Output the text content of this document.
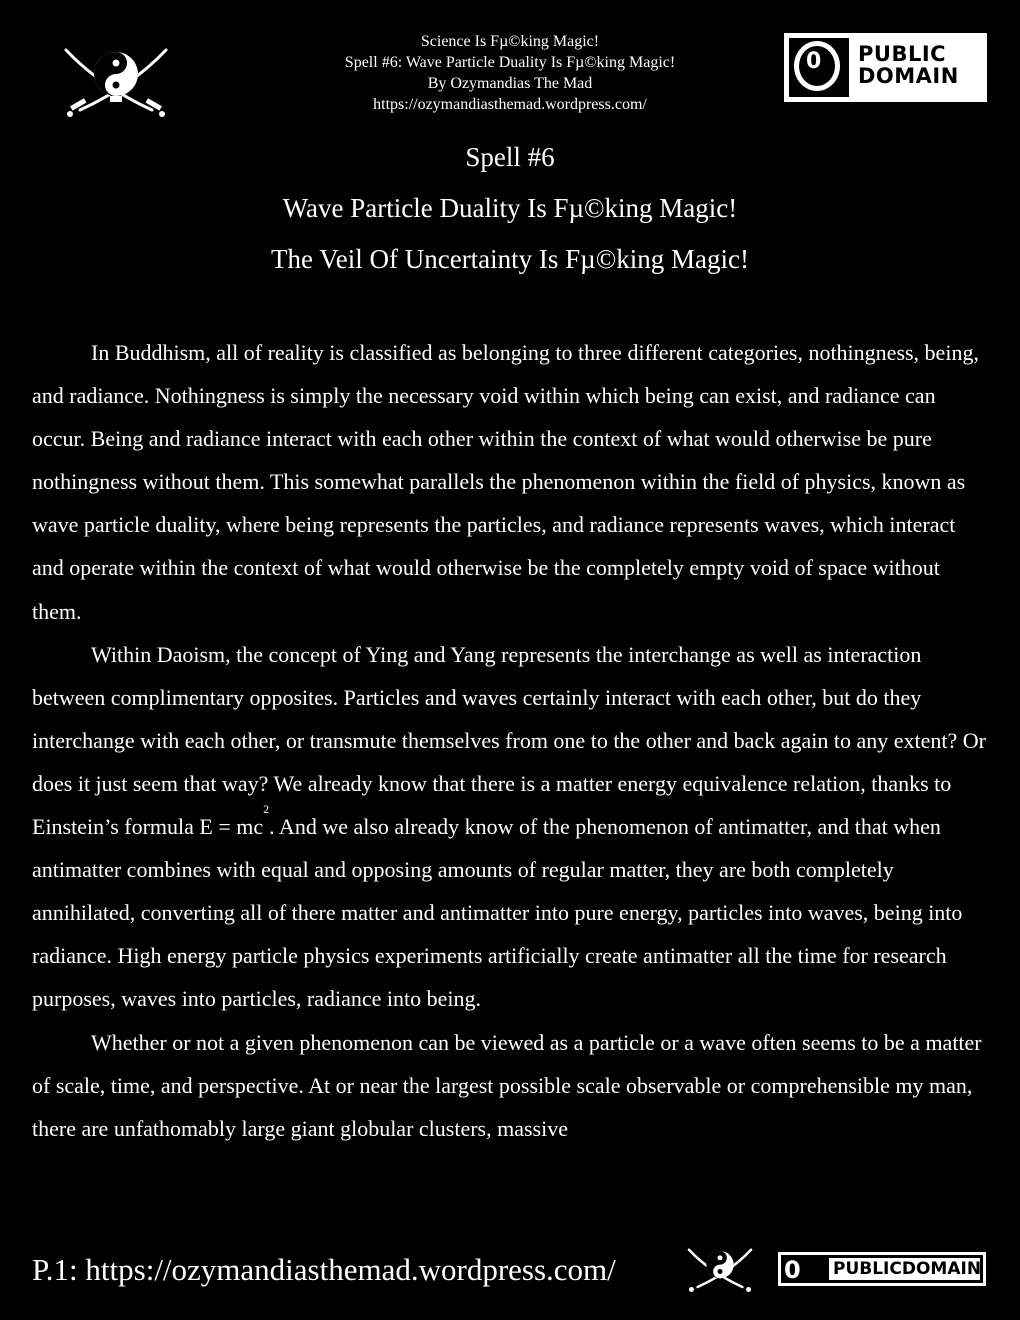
Science Is Fµ©king Magic!
Spell #6: Wave Particle Duality Is Fµ©king Magic!
By Ozymandias The Mad
https://ozymandiasthemad.wordpress.com/
0 PUBLIC
DOMAIN
Spell #6
Wave Particle Duality Is Fµ©king Magic!
The Veil Of Uncertainty Is Fµ©king Magic!

In Buddhism, all of reality is classified as belonging to three different categories, nothingness, being, and radiance. Nothingness is simply the necessary void within which being can exist, and radiance can occur. Being and radiance interact with each other within the context of what would otherwise be pure nothingness without them. This somewhat parallels the phenomenon within the field of physics, known as wave particle duality, where being represents the particles, and radiance represents waves, which interact and operate within the context of what would otherwise be the completely empty void of space without them.

Within Daoism, the concept of Ying and Yang represents the interchange as well as interaction between complimentary opposites. Particles and waves certainly interact with each other, but do they interchange with each other, or transmute themselves from one to the other and back again to any extent? Or does it just seem that way? We already know that there is a matter energy equivalence relation, thanks to Einstein’s formula $E = mc^2$. And we also already know of the phenomenon of antimatter, and that when antimatter combines with equal and opposing amounts of regular matter, they are both completely annihilated, converting all of there matter and antimatter into pure energy, particles into waves, being into radiance. High energy particle physics experiments artificially create antimatter all the time for research purposes, waves into particles, radiance into being.

Whether or not a given phenomenon can be viewed as a particle or a wave often seems to be a matter of scale, time, and perspective. At or near the largest possible scale observable or comprehensible my man, there are unfathomably large giant globular clusters, massive

P.1: https://ozymandiasthemad.wordpress.com/	0 PUBLICDOMAIN
